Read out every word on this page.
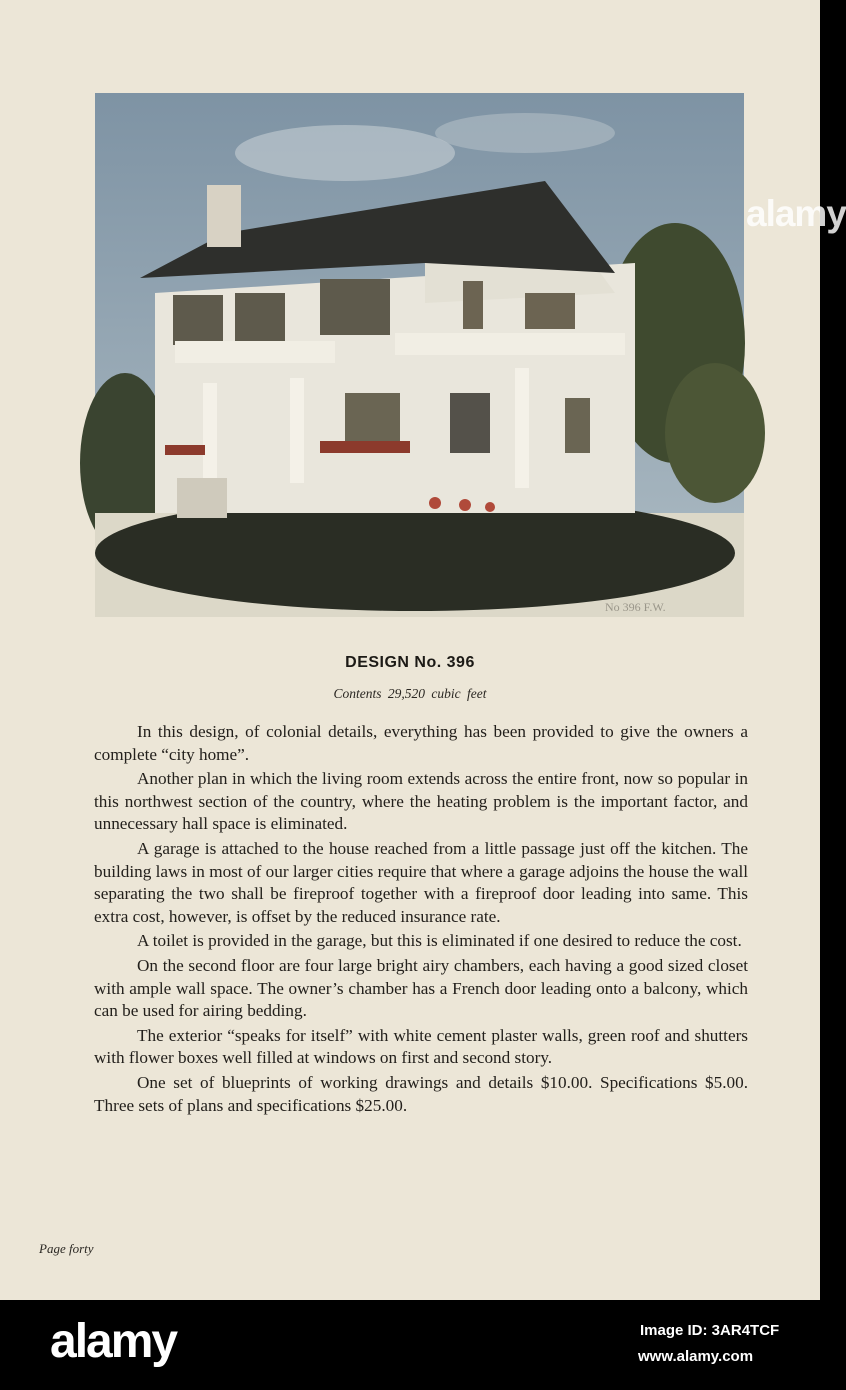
No 396 F.W.
alamy
DESIGN No. 396
Contents 29,520 cubic feet

In this design, of colonial details, everything has been provided to give the owners a complete “city home”.

Another plan in which the living room extends across the entire front, now so popular in this northwest section of the country, where the heating problem is the important factor, and unnecessary hall space is eliminated.

A garage is attached to the house reached from a little passage just off the kitchen. The building laws in most of our larger cities require that where a garage adjoins the house the wall separating the two shall be fireproof together with a fireproof door leading into same. This extra cost, however, is offset by the reduced insurance rate.

A toilet is provided in the garage, but this is eliminated if one desired to reduce the cost.

On the second floor are four large bright airy chambers, each having a good sized closet with ample wall space. The owner’s chamber has a French door leading onto a balcony, which can be used for airing bedding.

The exterior “speaks for itself” with white cement plaster walls, green roof and shutters with flower boxes well filled at windows on first and second story.

One set of blueprints of working drawings and details $10.00. Specifications $5.00. Three sets of plans and specifications $25.00.

Page forty
alamy	Image ID: 3AR4TCF
www.alamy.com
